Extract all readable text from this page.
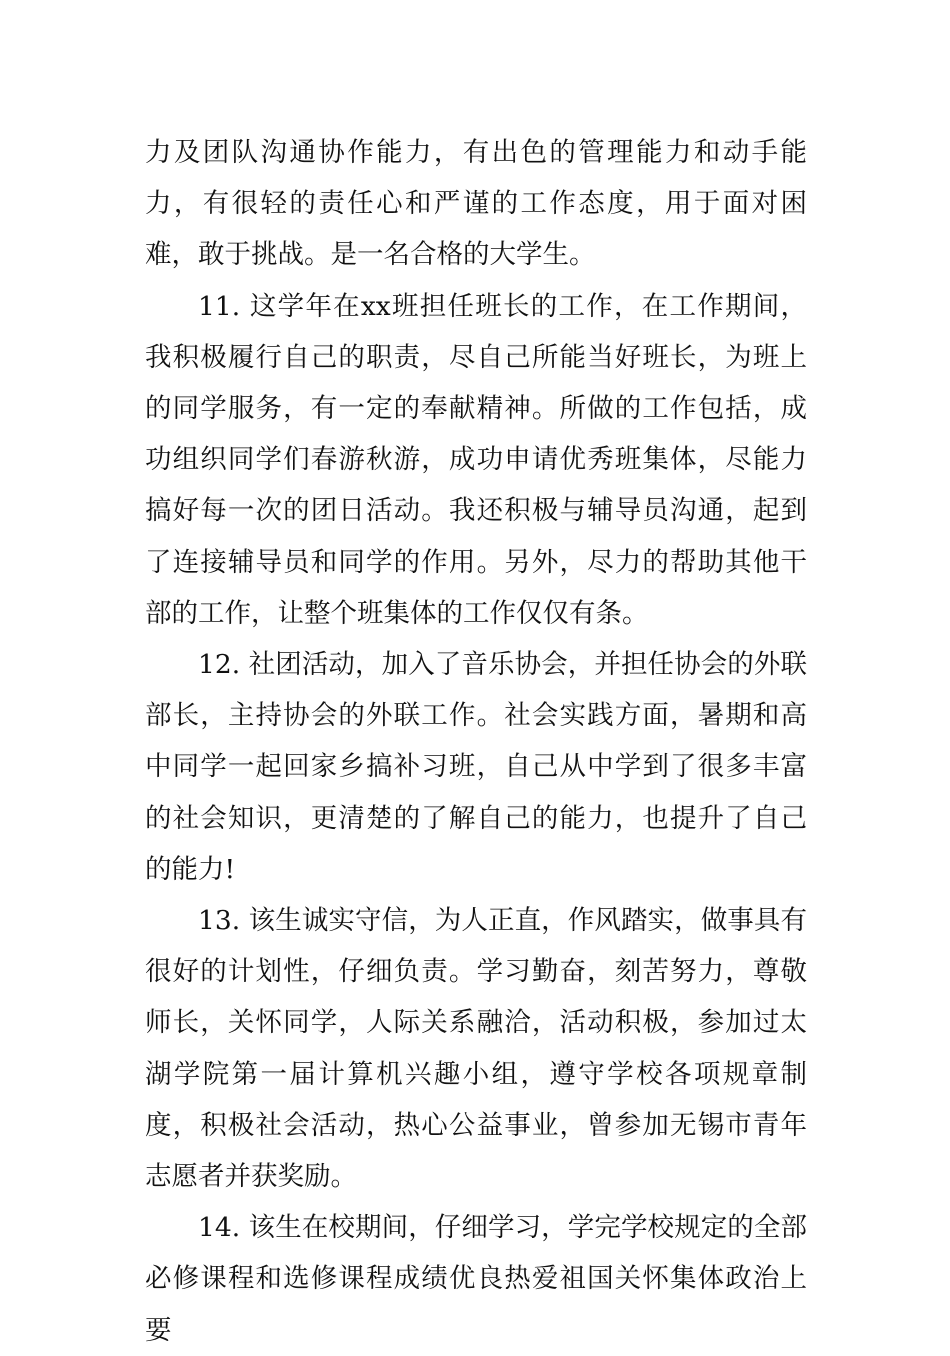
力及团队沟通协作能力，有出色的管理能力和动手能力，有很轻的责任心和严谨的工作态度，用于面对困难，敢于挑战。是一名合格的大学生。

11. 这学年在xx班担任班长的工作，在工作期间，我积极履行自己的职责，尽自己所能当好班长，为班上的同学服务，有一定的奉献精神。所做的工作包括，成功组织同学们春游秋游，成功申请优秀班集体，尽能力搞好每一次的团日活动。我还积极与辅导员沟通，起到了连接辅导员和同学的作用。另外，尽力的帮助其他干部的工作，让整个班集体的工作仅仅有条。

12. 社团活动，加入了音乐协会，并担任协会的外联部长，主持协会的外联工作。社会实践方面，暑期和高中同学一起回家乡搞补习班，自己从中学到了很多丰富的社会知识，更清楚的了解自己的能力，也提升了自己的能力!

13. 该生诚实守信，为人正直，作风踏实，做事具有很好的计划性，仔细负责。学习勤奋，刻苦努力，尊敬师长，关怀同学，人际关系融洽，活动积极，参加过太湖学院第一届计算机兴趣小组，遵守学校各项规章制度，积极社会活动，热心公益事业，曾参加无锡市青年志愿者并获奖励。

14. 该生在校期间，仔细学习，学完学校规定的全部必修课程和选修课程成绩优良热爱祖国关怀集体政治上要
